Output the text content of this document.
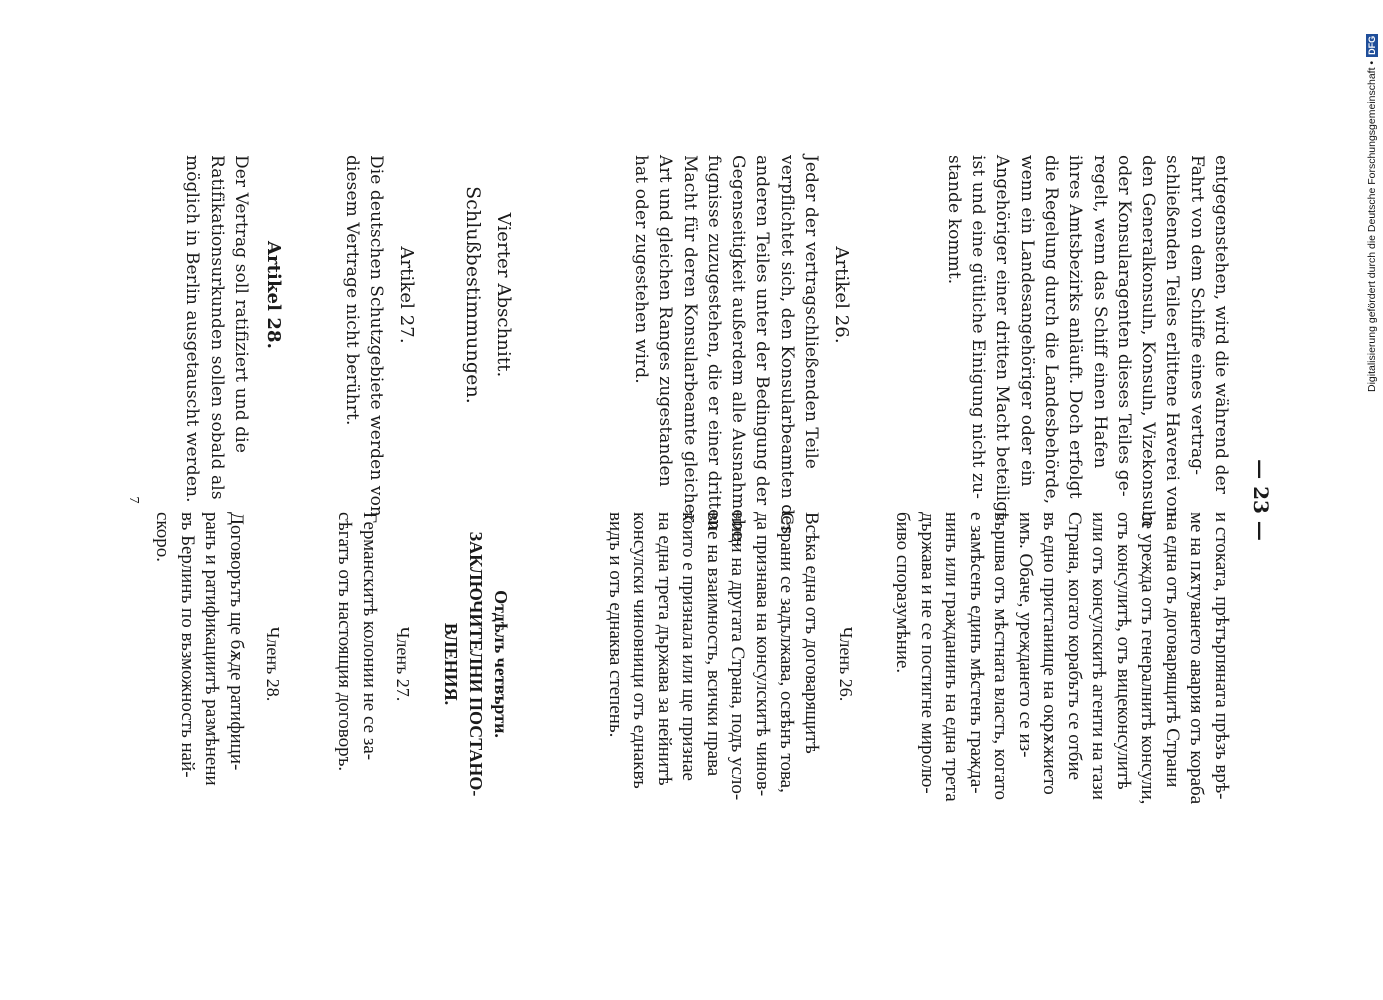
— 23 —
entgegenstehen, wird die während der
Fahrt von dem Schiffe eines vertrag-
schließenden Teiles erlittene Haverei von
den Generalkonsuln, Konsuln, Vizekonsuln
oder Konsularagenten dieses Teiles ge-
regelt, wenn das Schiff einen Hafen
ihres Amtsbezirks anläuft. Doch erfolgt
die Regelung durch die Landesbehörde,
wenn ein Landesangehöriger oder ein
Angehöriger einer dritten Macht beteiligt
ist und eine gütliche Einigung nicht zu-
stande kommt.
Artikel 26.
Jeder der vertragschließenden Teile
verpflichtet sich, den Konsularbeamten des
anderen Teiles unter der Bedingung der
Gegenseitigkeit außerdem alle Ausnahmebe-
fugnisse zuzugestehen, die er einer dritten
Macht für deren Konsularbeamte gleicher
Art und gleichen Ranges zugestanden
hat oder zugestehen wird.
Vierter Abschnitt.
Schlußbestimmungen.
Artikel 27.
Die deutschen Schutzgebiete werden von
diesem Vertrage nicht berührt.
Artikel 28.
Der Vertrag soll ratifiziert und die
Ratifikationsurkunden sollen sobald als
möglich in Berlin ausgetauscht werden.
и стоката, прѣтърпяната прѣзъ врѣ-
ме на пѫтуването авария отъ кораба
на една отъ договарящитѣ Страни
се урежда отъ генералнитѣ консули,
отъ консулитѣ, отъ вицеконсулитѣ
или отъ консулскитѣ агенти на тази
Страна, когато корабътъ се отбие
въ едно пристанище на окрѫжието
имъ. Обаче, уреждането се из-
вършва отъ мѣстната власть, когато
е замѣсенъ единъ мѣстенъ гражда-
нинъ или гражданинъ на една трета
държава и не се постигне миролю-
биво споразумѣние.
Членъ 26.
Всѣка една отъ договарящитѣ
Страни се задължава, освѣнъ това,
да признава на консулскитѣ чинов-
ници на другата Страна, подъ усло-
вие на взаимность, всички права
които е признала или ще признае
на една трета държава за нейнитѣ
консулски чиновници отъ еднаквъ
видъ и отъ еднаква степень.
Отдѣлъ четвърти.
ЗАКЛЮЧИТЕЛНИ ПОСТАНО-ВЛЕНИЯ.
Членъ 27.
Германскитѣ колонии не се за-
сѣгатъ отъ настоящия договоръ.
Членъ 28.
Договорътъ ще бѫде ратифици-
ранъ и ратификациитѣ размѣнени
въ Берлинъ по възможность най-
скоро.
7
Digitalisierung gefördert durch die Deutsche Forschungsgemeinschaft •DFG
